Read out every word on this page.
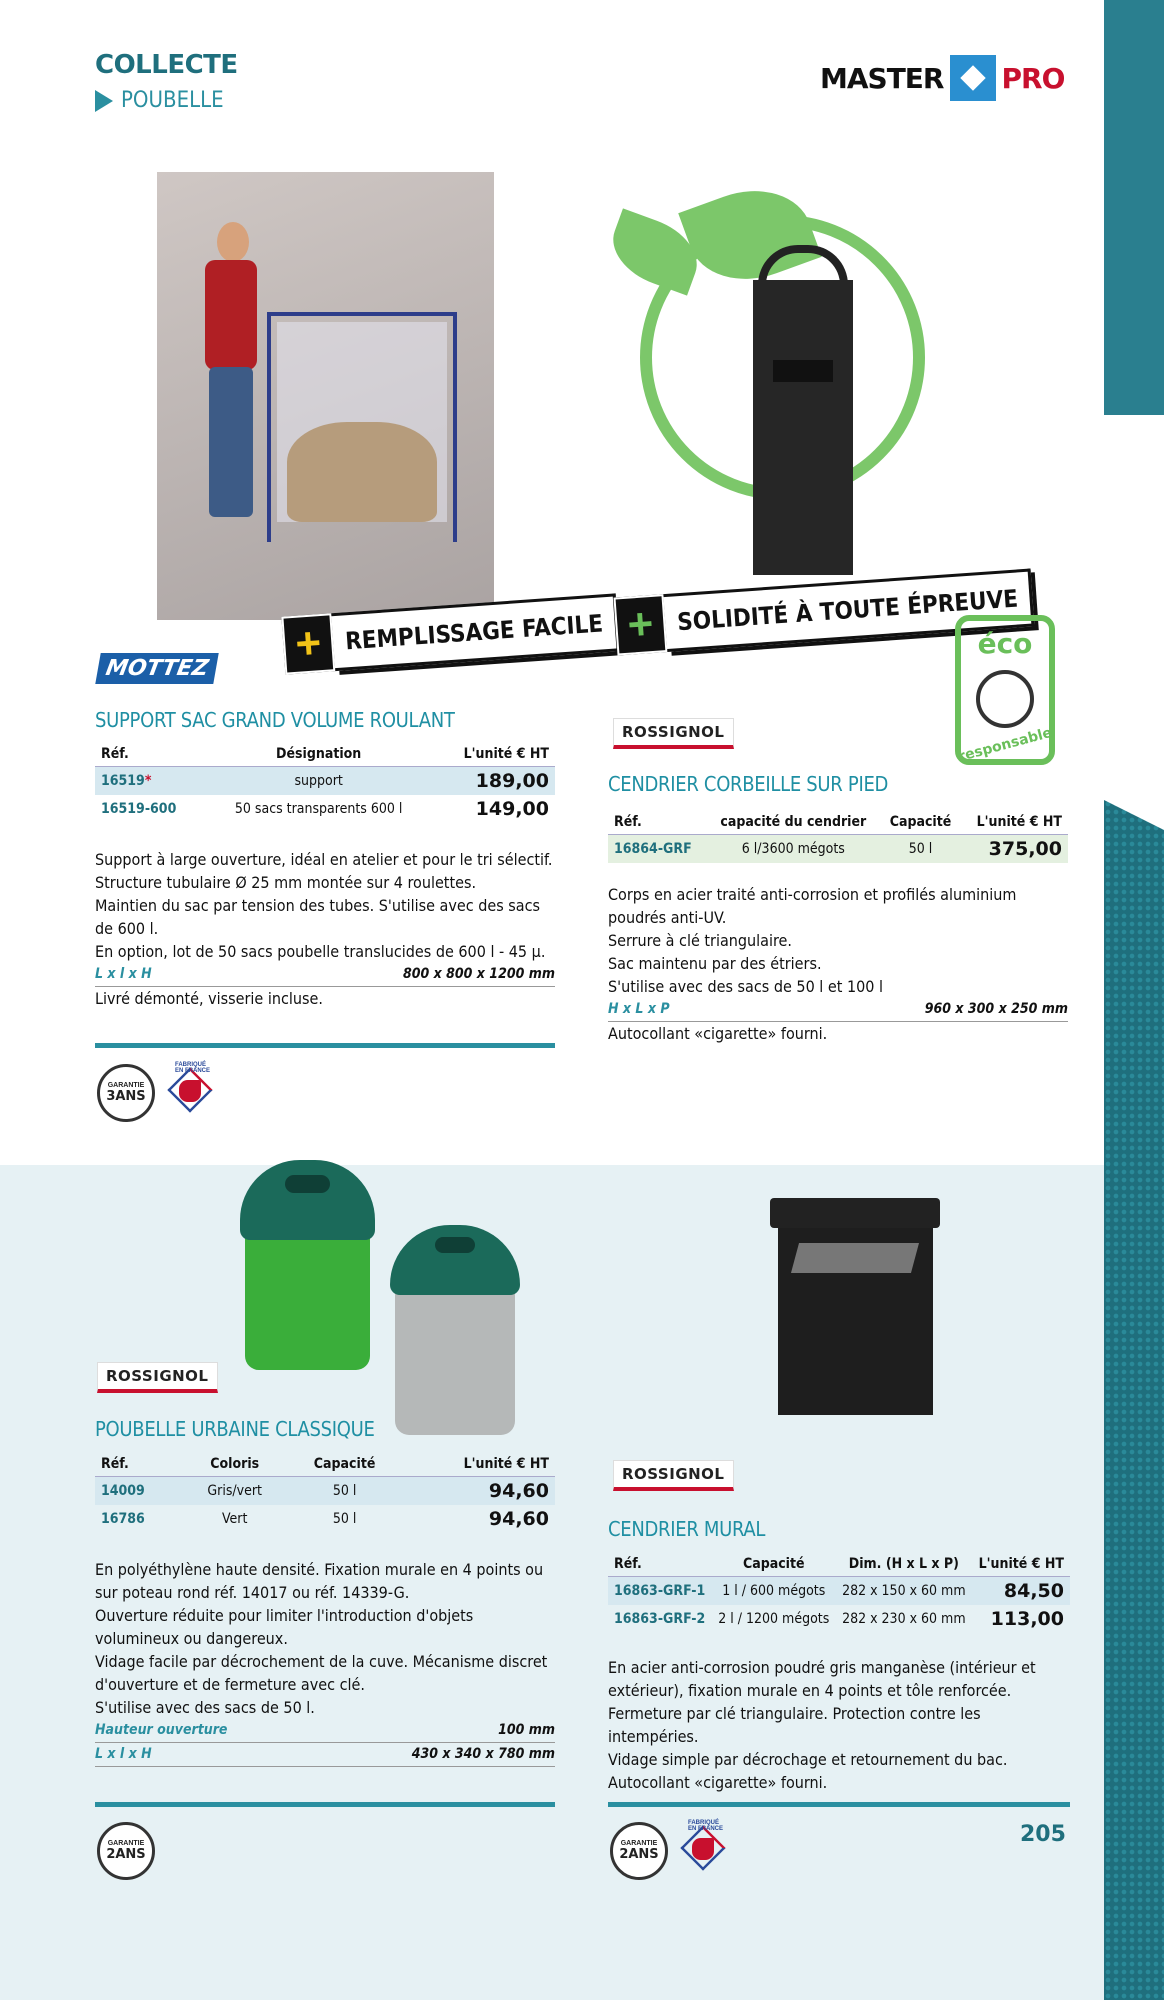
COLLECTE
POUBELLE
MASTER PRO
+ REMPLISSAGE FACILE + SOLIDITÉ À TOUTE ÉPREUVE
éco
responsable
MOTTEZ
SUPPORT SAC GRAND VOLUME ROULANT
Réf.	Désignation	L'unité € HT
16519*	support	189,00
16519-600	50 sacs transparents 600 l	149,00
Support à large ouverture, idéal en atelier et pour le tri sélectif.
Structure tubulaire Ø 25 mm montée sur 4 roulettes.
Maintien du sac par tension des tubes. S'utilise avec des sacs de 600 l.
En option, lot de 50 sacs poubelle translucides de 600 l - 45 μ.
L x l x H	800 x 800 x 1200 mm
Livré démonté, visserie incluse.
GARANTIE
3ANS
FABRIQUÉ EN FRANCE
ROSSIGNOL
CENDRIER CORBEILLE SUR PIED
Réf.	capacité du cendrier	Capacité	L'unité € HT
16864-GRF	6 l/3600 mégots	50 l	375,00
Corps en acier traité anti-corrosion et profilés aluminium poudrés anti-UV.
Serrure à clé triangulaire.
Sac maintenu par des étriers.
S'utilise avec des sacs de 50 l et 100 l
H x L x P	960 x 300 x 250 mm
Autocollant «cigarette» fourni.
ROSSIGNOL
POUBELLE URBAINE CLASSIQUE
Réf.	Coloris	Capacité	L'unité € HT
14009	Gris/vert	50 l	94,60
16786	Vert	50 l	94,60
En polyéthylène haute densité. Fixation murale en 4 points ou sur poteau rond réf. 14017 ou réf. 14339-G.
Ouverture réduite pour limiter l'introduction d'objets volumineux ou dangereux.
Vidage facile par décrochement de la cuve. Mécanisme discret d'ouverture et de fermeture avec clé.
S'utilise avec des sacs de 50 l.
Hauteur ouverture	100 mm
L x l x H	430 x 340 x 780 mm
GARANTIE
2ANS
ROSSIGNOL
CENDRIER MURAL
Réf.	Capacité	Dim. (H x L x P)	L'unité € HT
16863-GRF-1	1 l / 600 mégots	282 x 150 x 60 mm	84,50
16863-GRF-2	2 l / 1200 mégots	282 x 230 x 60 mm	113,00
En acier anti-corrosion poudré gris manganèse (intérieur et extérieur), fixation murale en 4 points et tôle renforcée.
Fermeture par clé triangulaire. Protection contre les intempéries.
Vidage simple par décrochage et retournement du bac.
Autocollant «cigarette» fourni.
GARANTIE
2ANS
FABRIQUÉ EN FRANCE	205
